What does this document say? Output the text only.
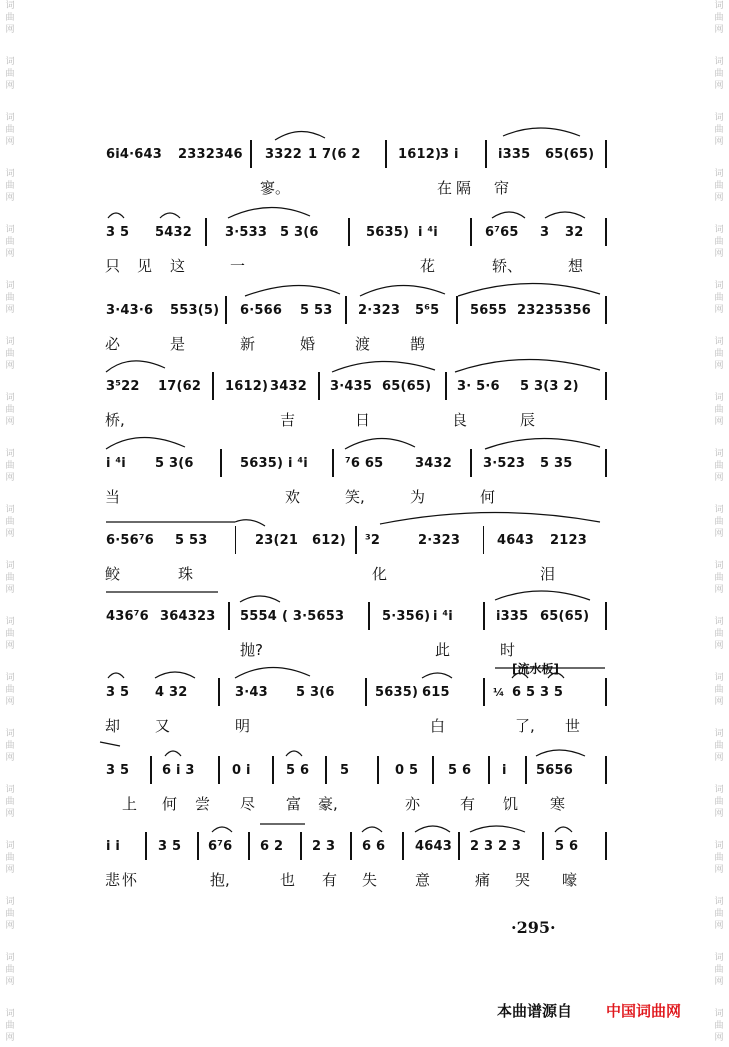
词
曲
网
词
曲
网
词
曲
网
词
曲
网
词
曲
网
词
曲
网
词
曲
网
词
曲
网
词
曲
网
词
曲
网
词
曲
网
词
曲
网
词
曲
网
词
曲
网
词
曲
网
词
曲
网
词
曲
网
词
曲
网
词
曲
网
词
曲
网
词
曲
网
词
曲
网
词
曲
网
词
曲
网
词
曲
网
词
曲
网
词
曲
网
词
曲
网
词
曲
网
词
曲
网
词
曲
网
词
曲
网
词
曲
网
词
曲
网
词
曲
网
词
曲
网
词
曲
网
词
曲
网
6i4·643 2332346 3322 1 7(6 2	1612)
3 i	i335 65(65)
寥。	在 隔 帘
3 5 5432	3·533 5 3(6	5635) i ⁴i	6⁷65 3 32
只 见 这	一	花	轿、	想
3·43·6 553(5) 6·566 5 53 2·323 5⁶5 5655 23235356
必	是	新	婚	渡	鹊
3⁵22 17(62 1612) 3432 3·435 65(65) 3· 5·6 5 3(3 2)
桥,	吉	日	良	辰
i ⁴i 5 3(6	5635) i ⁴i	⁷6 65 3432 3·523 5 35
当	欢	笑,	为	何
6·56⁷6 5 53	23(21 612) ³2	2·323	4643 2123
鲛	珠	化	泪
436⁷6 364323 5554 ( 3·5653	5·356) i ⁴i	i335 65(65)
抛?	此	时
[流水板]
3 5 4 32	3·43 5 3(6	5635) 615	¼ 6 5 3 5
却 又	明	白	了, 世
3 5	6 i 3	0 i	5 6 5	0 5 5 6 i 5656
上 何 尝 尽 富 豪,	亦	有 饥 寒
i i	3 5 6⁷6 6 2 2 3 6 6 4643 2 3 2 3	5 6
悲 怀	抱,	也 有 失	意	痛 哭 嚎
·295·
本曲谱源自 中国词曲网
